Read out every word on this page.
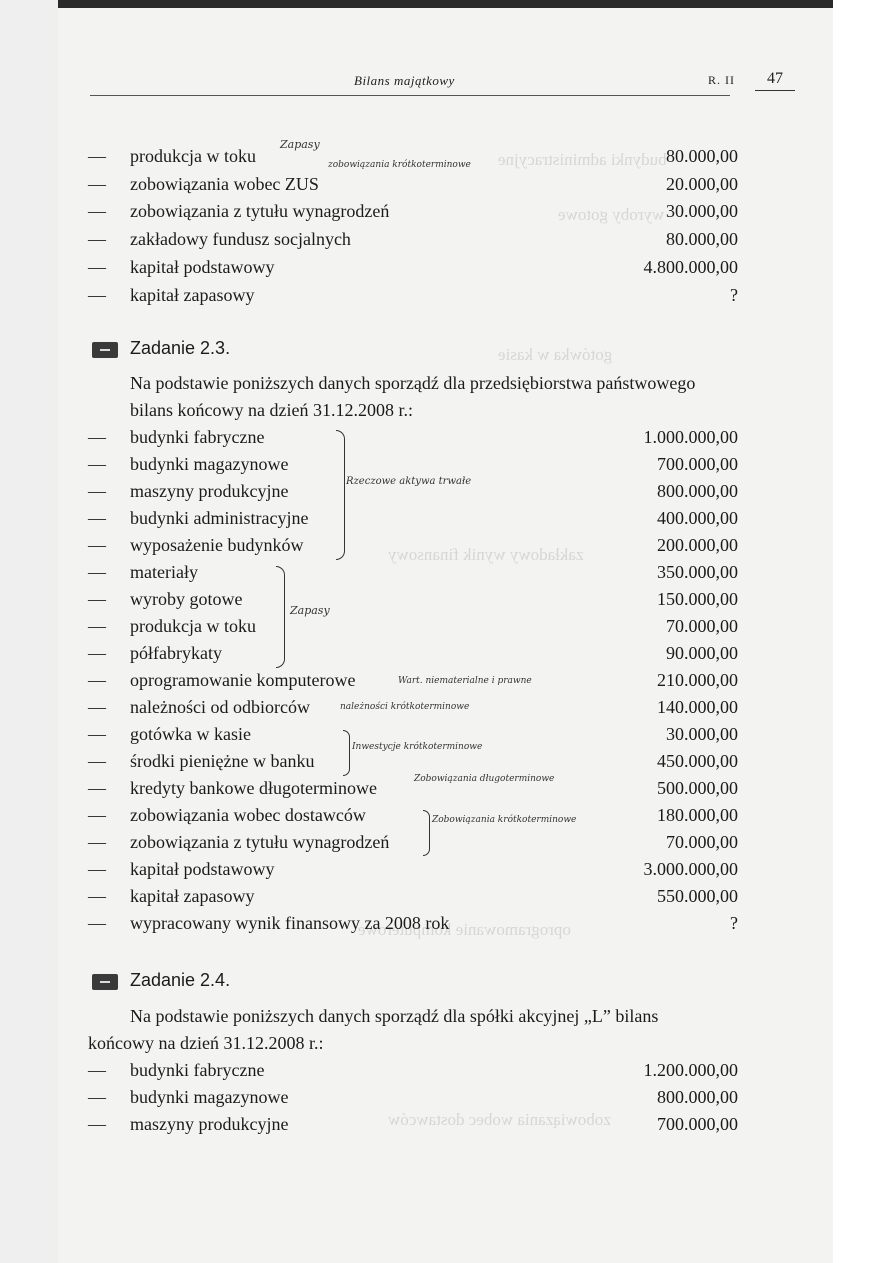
Bilans majątkowy	R. II	47
budynki administracyjne
wyroby gotowe
gotówka w kasie
zakładowy wynik finansowy
oprogramowanie komputerowe
zobowiązania wobec dostawców
— produkcja w toku	80.000,00
— zobowiązania wobec ZUS	20.000,00
— zobowiązania z tytułu wynagrodzeń	30.000,00
— zakładowy fundusz socjalnych	80.000,00
— kapitał podstawowy	4.800.000,00
— kapitał zapasowy	?
Zapasy
zobowiązania krótkoterminowe
Zadanie 2.3.
Na podstawie poniższych danych sporządź dla przedsiębiorstwa państwowego
bilans końcowy na dzień 31.12.2008 r.:
— budynki fabryczne	1.000.000,00
— budynki magazynowe	700.000,00
— maszyny produkcyjne	800.000,00
— budynki administracyjne	400.000,00
— wyposażenie budynków	200.000,00
— materiały	350.000,00
— wyroby gotowe	150.000,00
— produkcja w toku	70.000,00
— półfabrykaty	90.000,00
— oprogramowanie komputerowe	210.000,00
— należności od odbiorców	140.000,00
— gotówka w kasie	30.000,00
— środki pieniężne w banku	450.000,00
— kredyty bankowe długoterminowe	500.000,00
— zobowiązania wobec dostawców	180.000,00
— zobowiązania z tytułu wynagrodzeń	70.000,00
— kapitał podstawowy	3.000.000,00
— kapitał zapasowy	550.000,00
— wypracowany wynik finansowy za 2008 rok	?
Rzeczowe aktywa trwałe
Zapasy
Wart. niematerialne i prawne
należności krótkoterminowe
Inwestycje krótkoterminowe
Zobowiązania długoterminowe
Zobowiązania krótkoterminowe
Zadanie 2.4.
Na podstawie poniższych danych sporządź dla spółki akcyjnej „L” bilans
końcowy na dzień 31.12.2008 r.:
— budynki fabryczne	1.200.000,00
— budynki magazynowe	800.000,00
— maszyny produkcyjne	700.000,00
